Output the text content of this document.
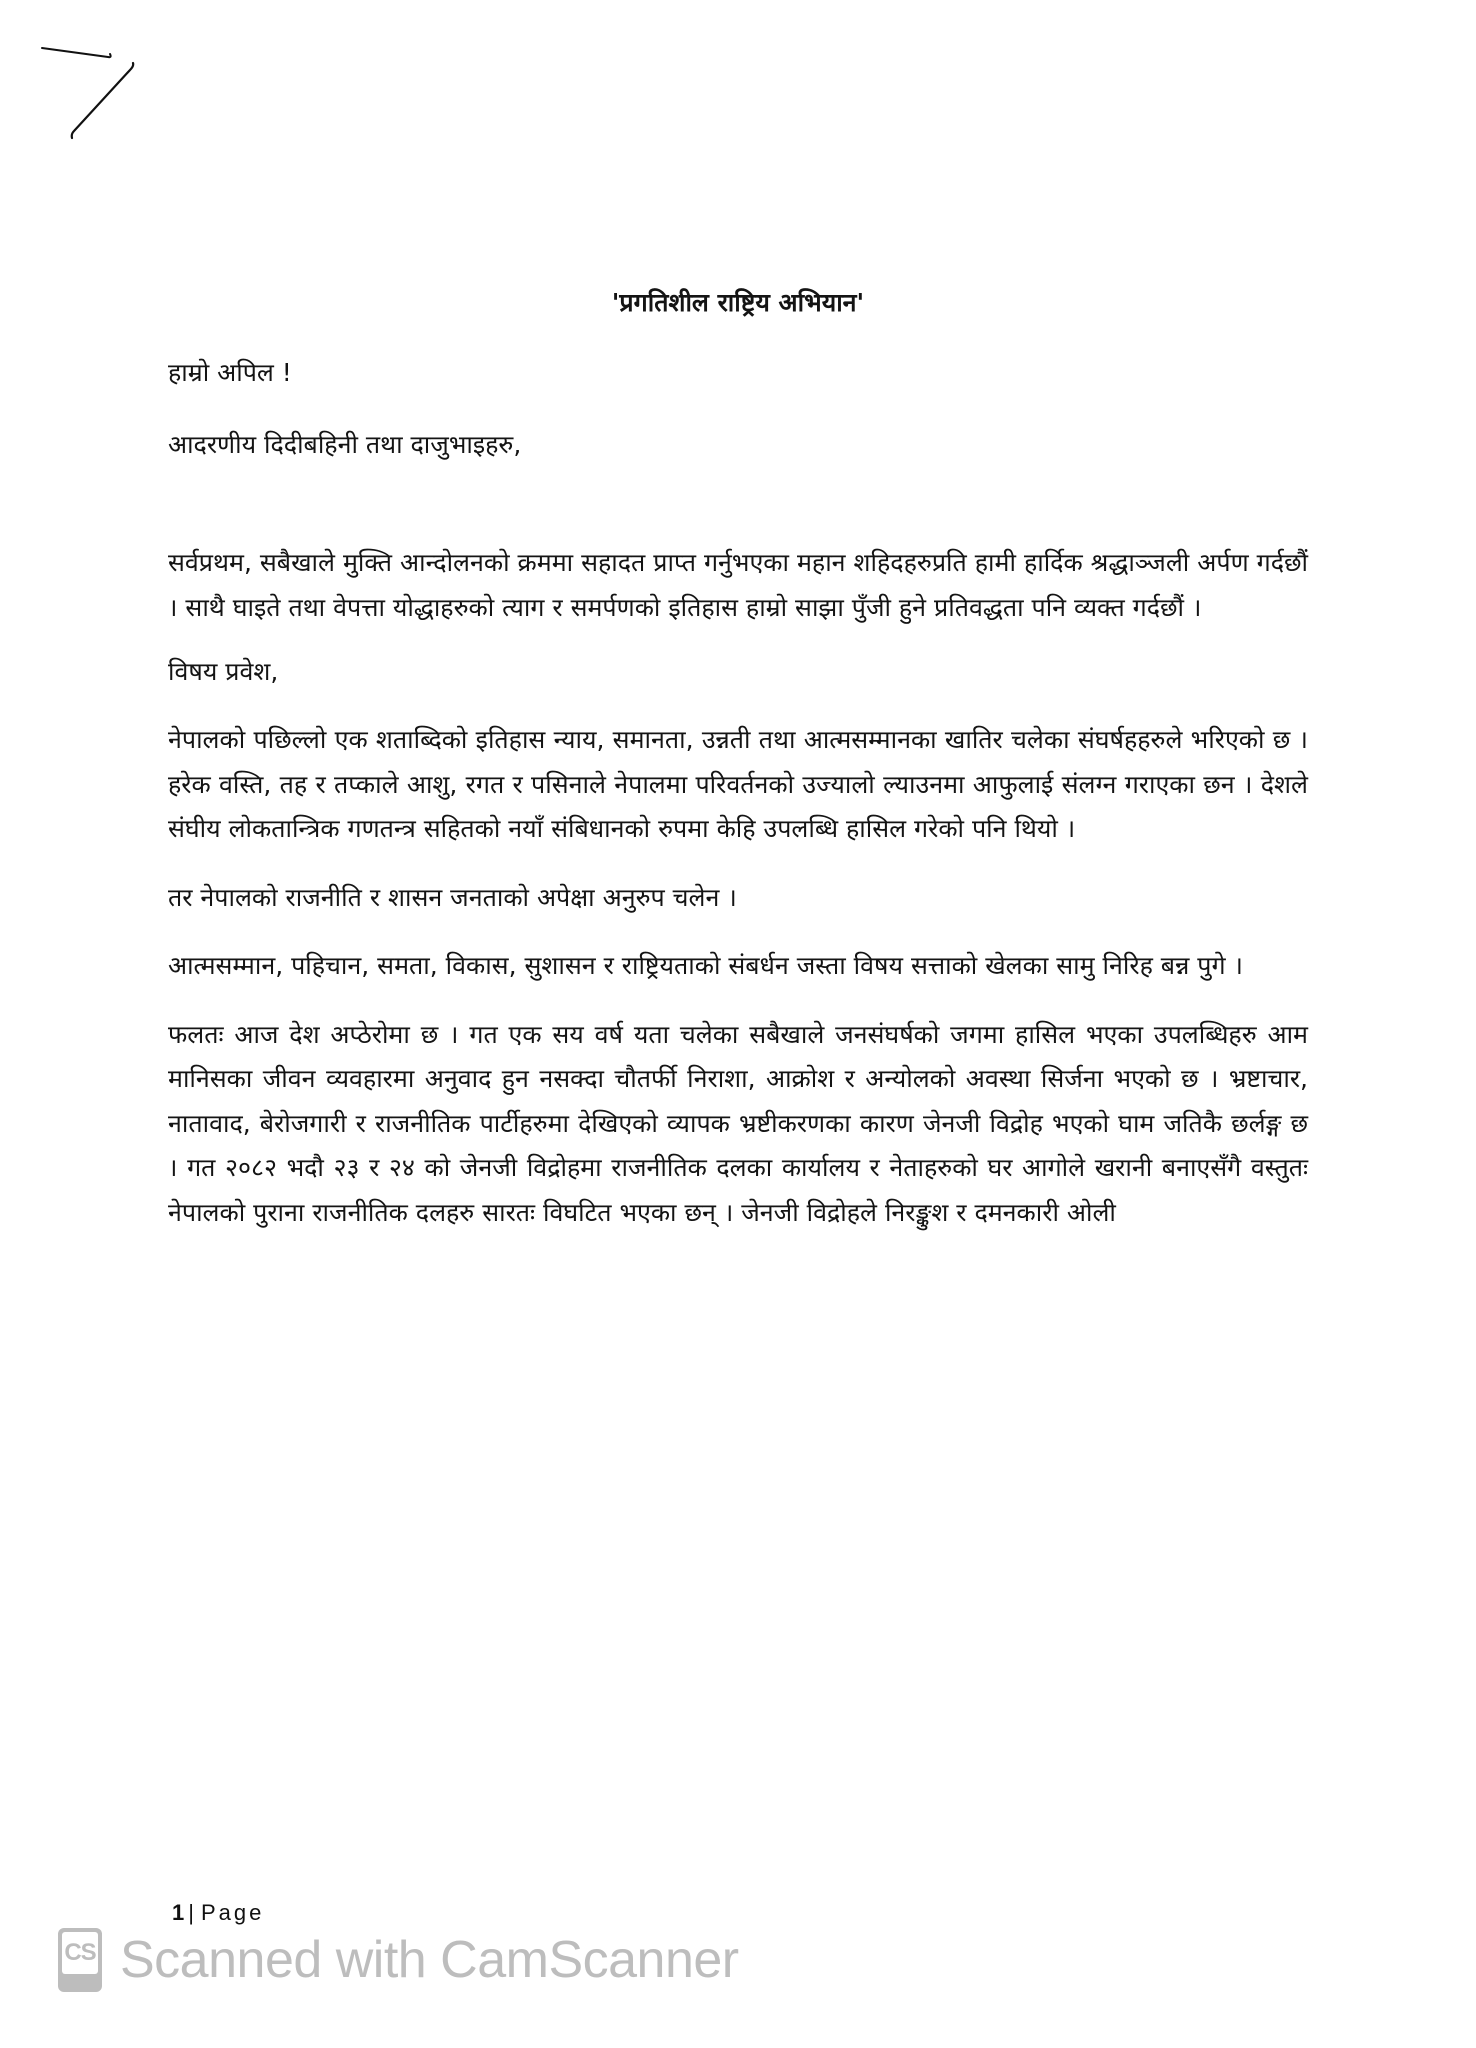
'प्रगतिशील राष्ट्रिय अभियान'

हाम्रो अपिल !

आदरणीय दिदीबहिनी तथा दाजुभाइहरु,

सर्वप्रथम, सबैखाले मुक्ति आन्दोलनको क्रममा सहादत प्राप्त गर्नुभएका महान शहिदहरुप्रति हामी हार्दिक श्रद्धाञ्जली अर्पण गर्दछौं । साथै घाइते तथा वेपत्ता योद्धाहरुको त्याग र समर्पणको इतिहास हाम्रो साझा पुँजी हुने प्रतिवद्धता पनि व्यक्त गर्दछौं ।

विषय प्रवेश,

नेपालको पछिल्लो एक शताब्दिको इतिहास न्याय, समानता, उन्नती तथा आत्मसम्मानका खातिर चलेका संघर्षहहरुले भरिएको छ । हरेक वस्ति, तह र तप्काले आशु, रगत र पसिनाले नेपालमा परिवर्तनको उज्यालो ल्याउनमा आफुलाई संलग्न गराएका छन । देशले संघीय लोकतान्त्रिक गणतन्त्र सहितको नयाँ संबिधानको रुपमा केहि उपलब्धि हासिल गरेको पनि थियो ।

तर नेपालको राजनीति र शासन जनताको अपेक्षा अनुरुप चलेन ।

आत्मसम्मान, पहिचान, समता, विकास, सुशासन र राष्ट्रियताको संबर्धन जस्ता विषय सत्ताको खेलका सामु निरिह बन्न पुगे ।

फलतः आज देश अप्ठेरोमा छ । गत एक सय वर्ष यता चलेका सबैखाले जनसंघर्षको जगमा हासिल भएका उपलब्धिहरु आम मानिसका जीवन व्यवहारमा अनुवाद हुन नसक्दा चौतर्फी निराशा, आक्रोश र अन्योलको अवस्था सिर्जना भएको छ । भ्रष्टाचार, नातावाद, बेरोजगारी र राजनीतिक पार्टीहरुमा देखिएको व्यापक भ्रष्टीकरणका कारण जेनजी विद्रोह भएको घाम जतिकै छर्लङ्ग छ । गत २०८२ भदौ २३ र २४ को जेनजी विद्रोहमा राजनीतिक दलका कार्यालय र नेताहरुको घर आगोले खरानी बनाएसँगै वस्तुतः नेपालको पुराना राजनीतिक दलहरु सारतः विघटित भएका छन् । जेनजी विद्रोहले निरङ्कुश र दमनकारी ओली

1 | Page
CS Scanned with CamScanner
